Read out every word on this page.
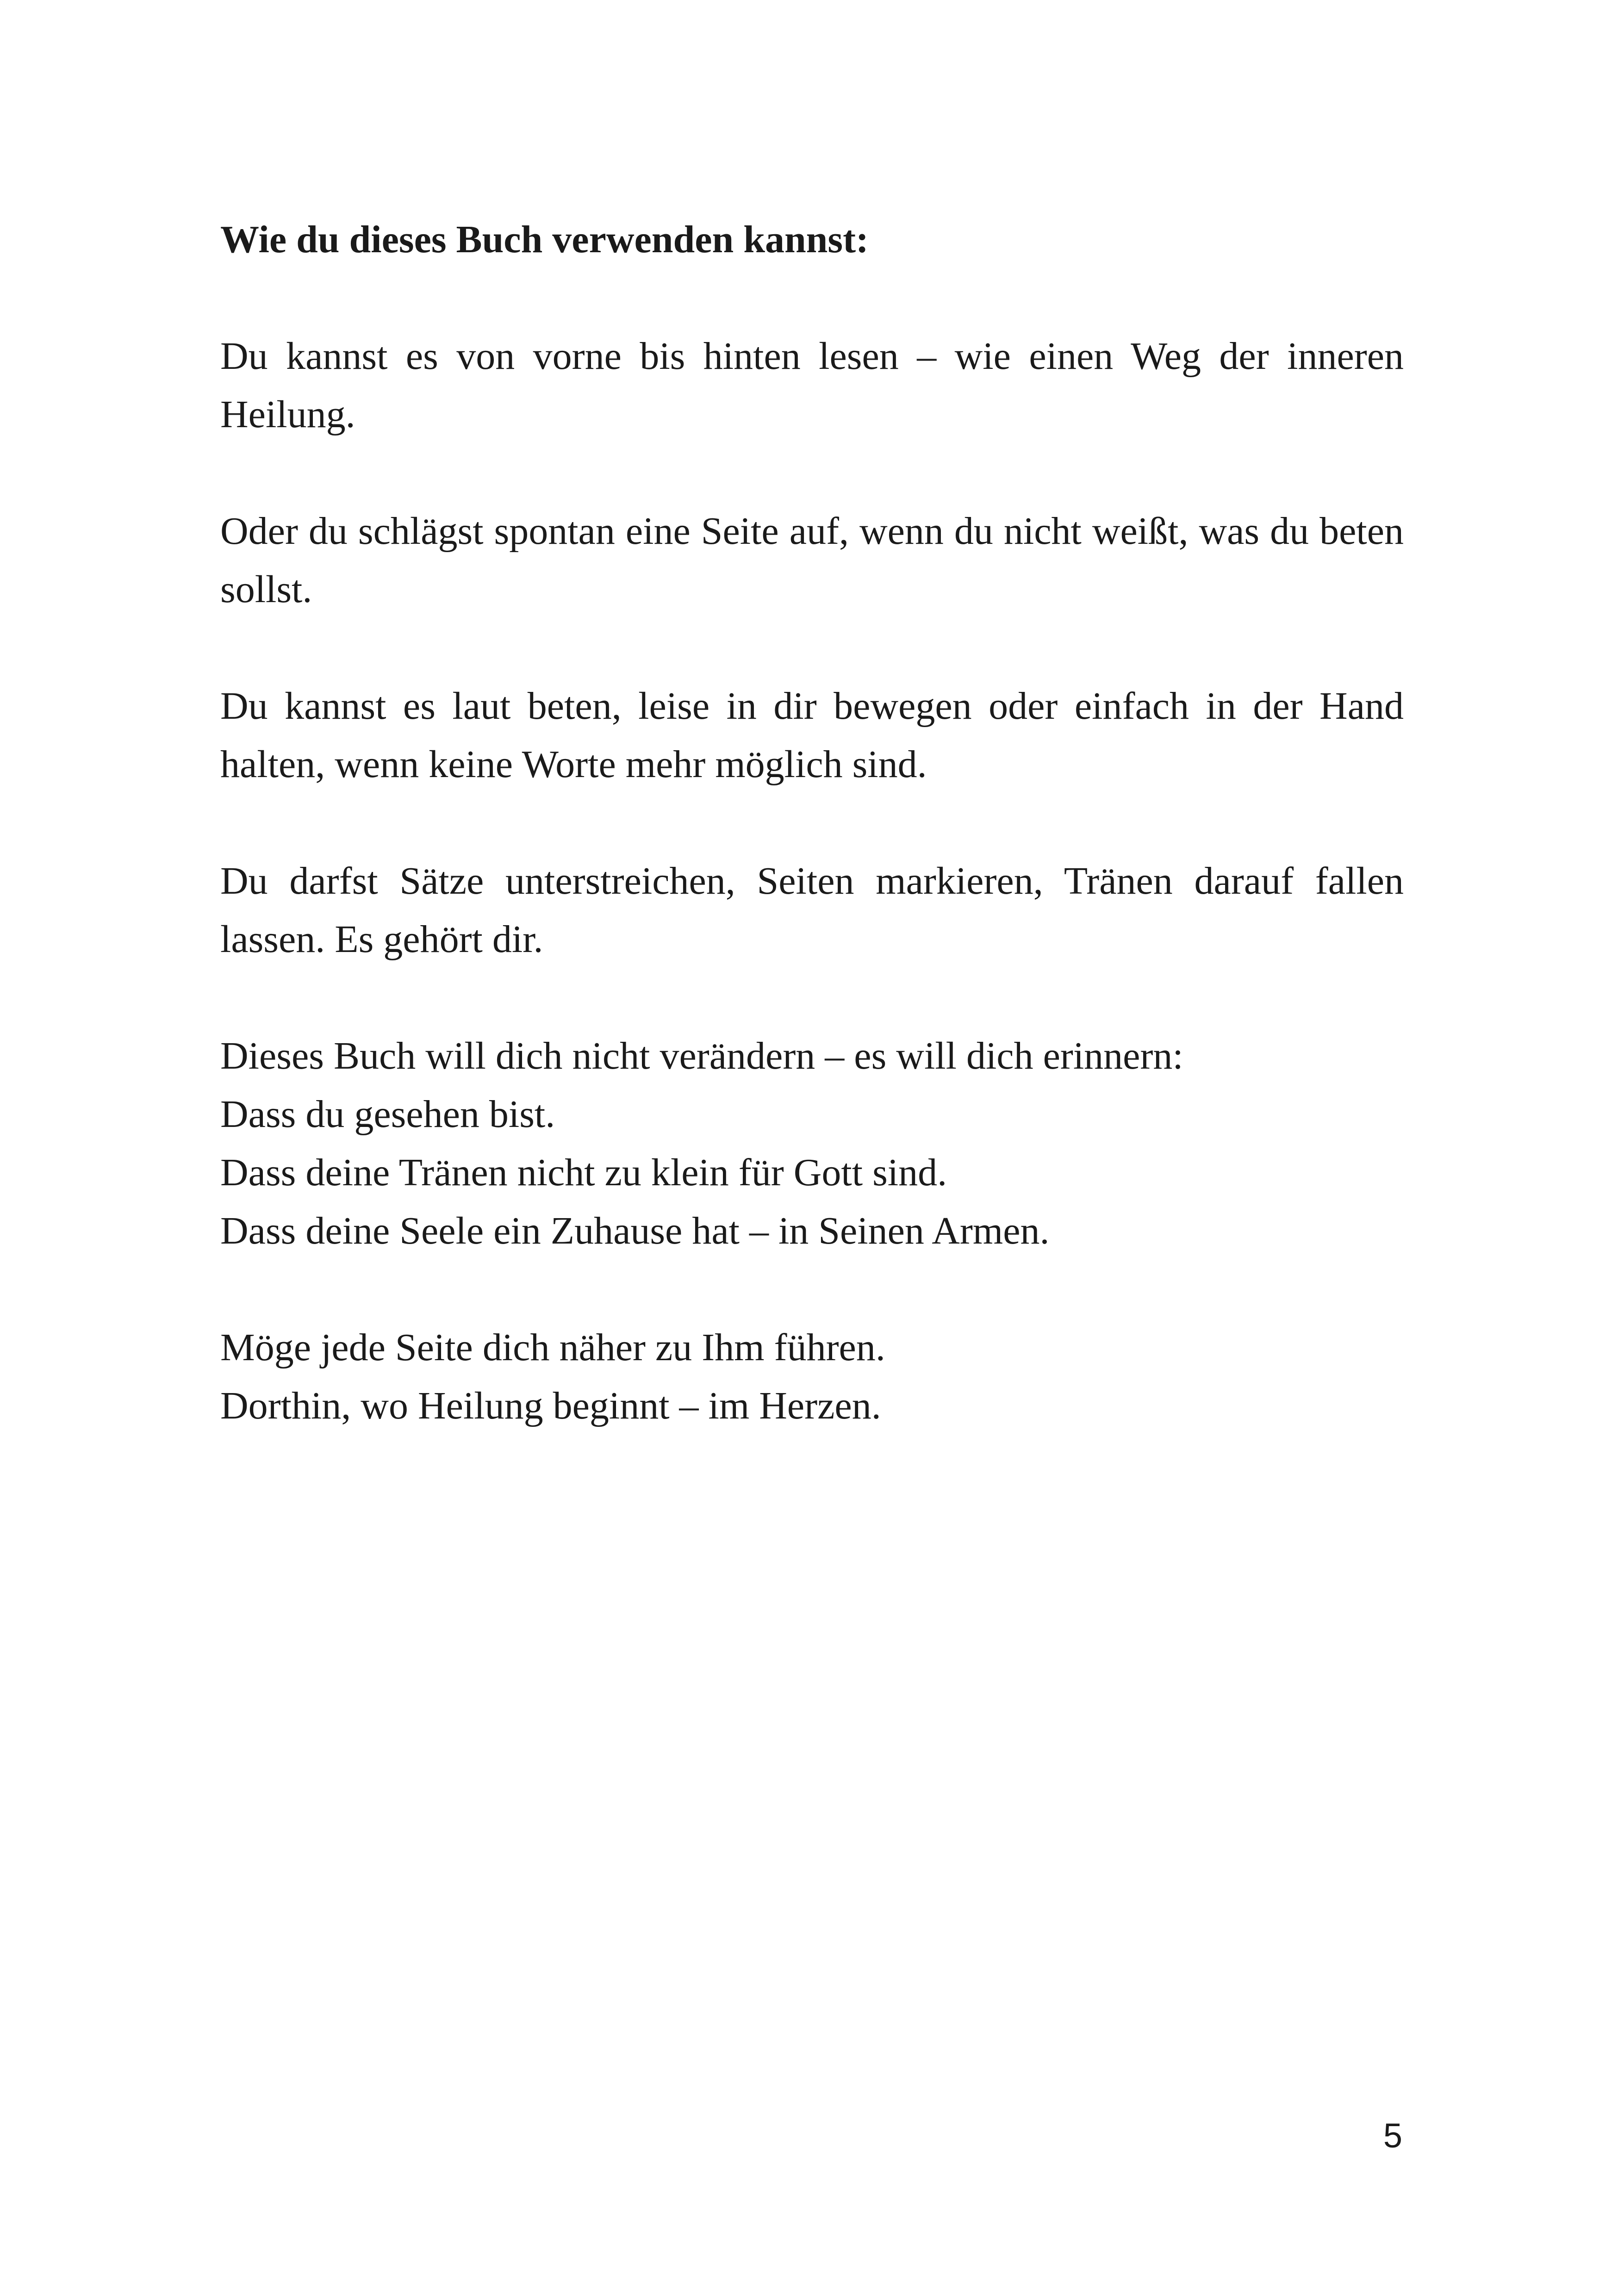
Wie du dieses Buch verwenden kannst:

Du kannst es von vorne bis hinten lesen – wie einen Weg der inneren Heilung.

Oder du schlägst spontan eine Seite auf, wenn du nicht weißt, was du beten sollst.

Du kannst es laut beten, leise in dir bewegen oder einfach in der Hand halten, wenn keine Worte mehr möglich sind.

Du darfst Sätze unterstreichen, Seiten markieren, Tränen darauf fallen lassen. Es gehört dir.

Dieses Buch will dich nicht verändern – es will dich erinnern:
Dass du gesehen bist.
Dass deine Tränen nicht zu klein für Gott sind.
Dass deine Seele ein Zuhause hat – in Seinen Armen.
Möge jede Seite dich näher zu Ihm führen.
Dorthin, wo Heilung beginnt – im Herzen.
5
